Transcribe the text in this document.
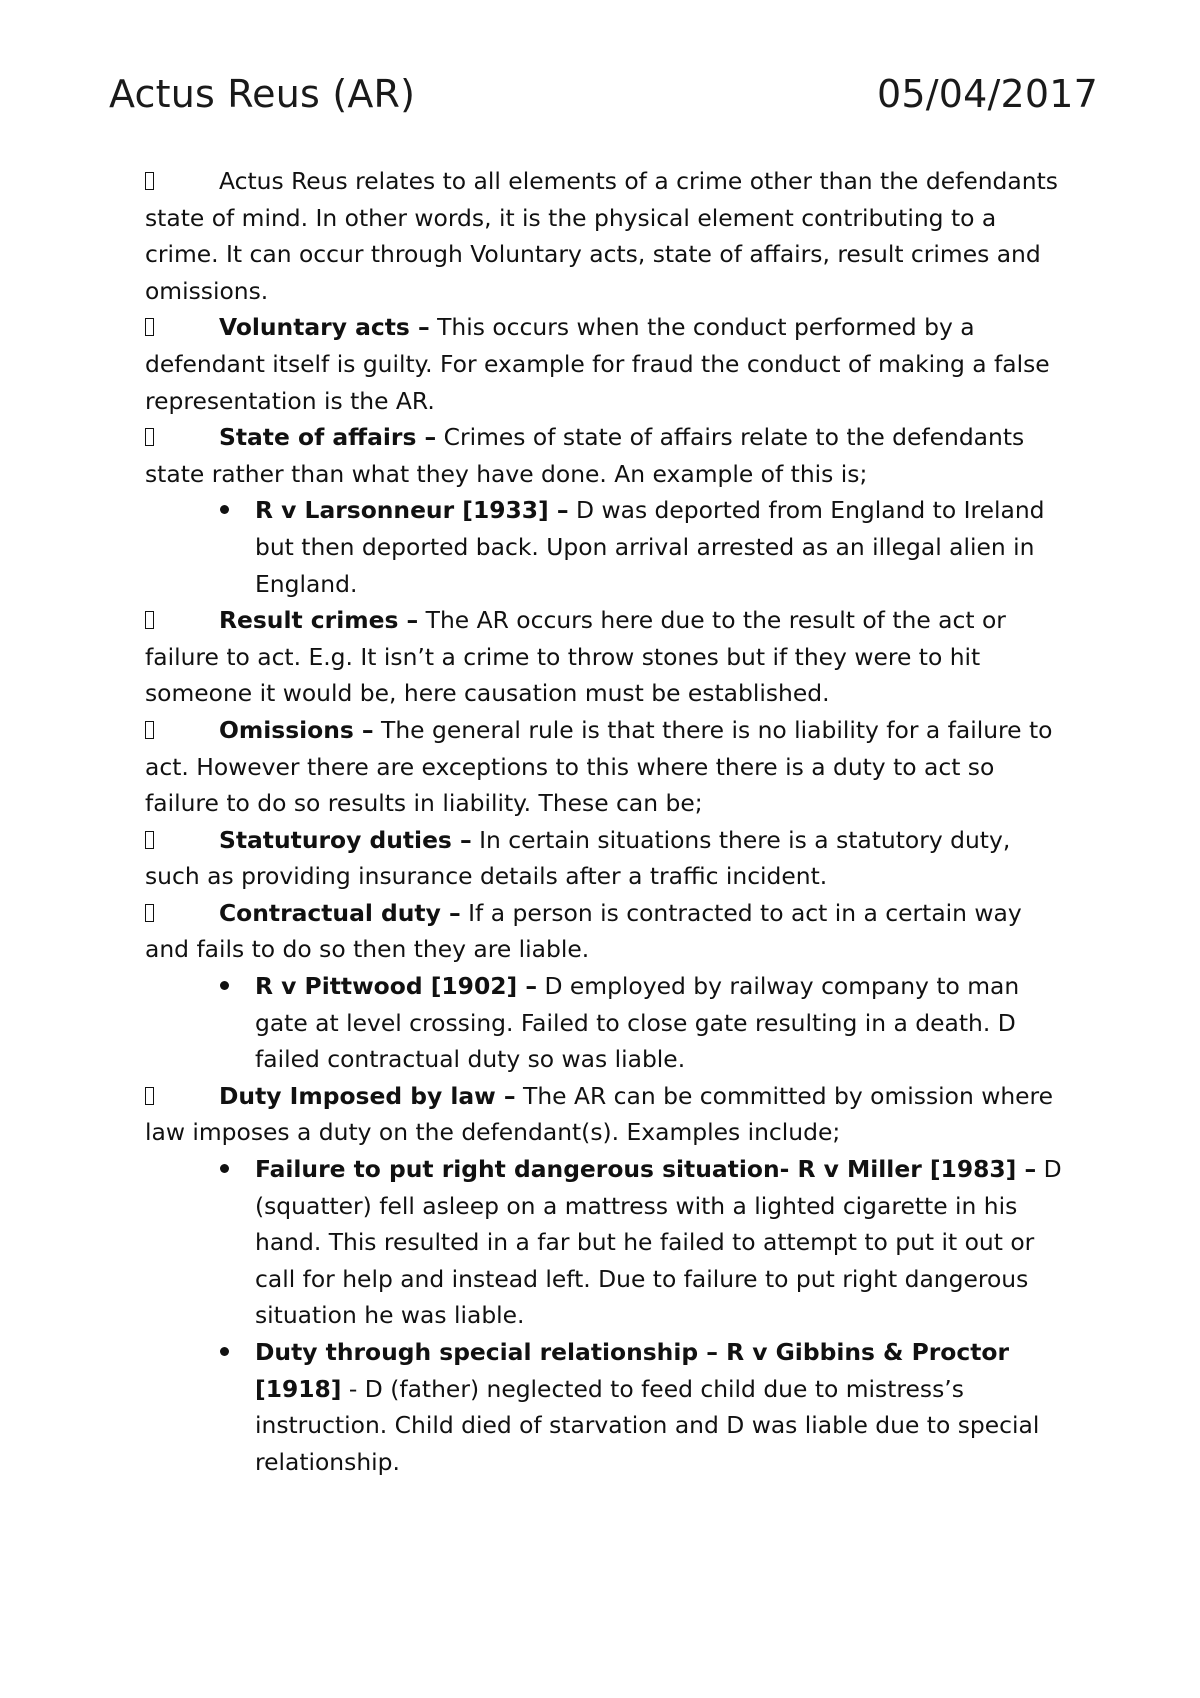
Actus Reus (AR)	05/04/2017

Actus Reus relates to all elements of a crime other than the defendants state of mind. In other words, it is the physical element contributing to a crime. It can occur through Voluntary acts, state of affairs, result crimes and omissions.

Voluntary acts – This occurs when the conduct performed by a defendant itself is guilty. For example for fraud the conduct of making a false representation is the AR.

State of affairs – Crimes of state of affairs relate to the defendants state rather than what they have done. An example of this is;

R v Larsonneur [1933] – D was deported from England to Ireland but then deported back. Upon arrival arrested as an illegal alien in England.

Result crimes – The AR occurs here due to the result of the act or failure to act. E.g. It isn’t a crime to throw stones but if they were to hit someone it would be, here causation must be established.

Omissions – The general rule is that there is no liability for a failure to act. However there are exceptions to this where there is a duty to act so failure to do so results in liability. These can be;

Statuturoy duties – In certain situations there is a statutory duty, such as providing insurance details after a traffic incident.

Contractual duty – If a person is contracted to act in a certain way and fails to do so then they are liable.

R v Pittwood [1902] – D employed by railway company to man gate at level crossing. Failed to close gate resulting in a death. D failed contractual duty so was liable.

Duty Imposed by law – The AR can be committed by omission where law imposes a duty on the defendant(s). Examples include;

Failure to put right dangerous situation- R v Miller [1983] – D (squatter) fell asleep on a mattress with a lighted cigarette in his hand. This resulted in a far but he failed to attempt to put it out or call for help and instead left. Due to failure to put right dangerous situation he was liable.

Duty through special relationship – R v Gibbins & Proctor [1918] - D (father) neglected to feed child due to mistress’s instruction. Child died of starvation and D was liable due to special relationship.
